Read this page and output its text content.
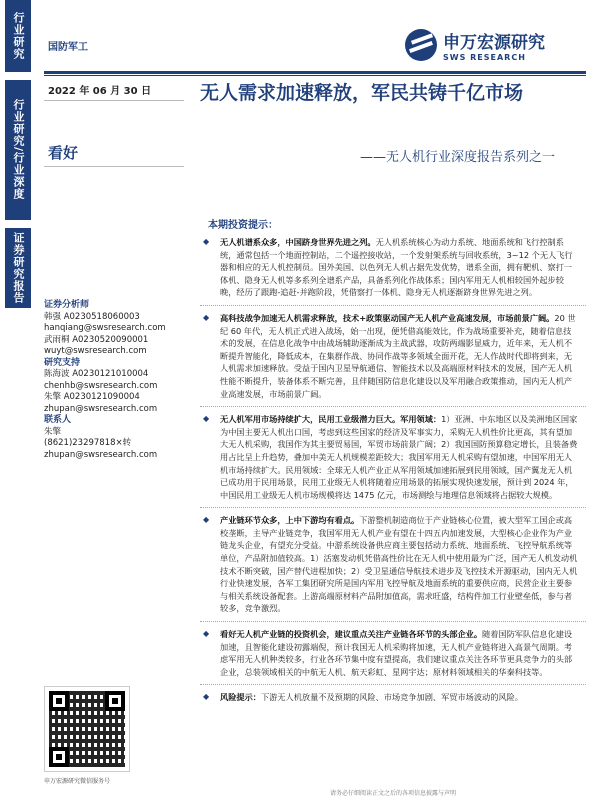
行业研究
行业研究/行业深度
证券研究报告
国防军工	申万宏源研究
SWS RESEARCH
2022 年 06 月 30 日
看好
无人需求加速释放，军民共铸千亿市场
——无人机行业深度报告系列之一
证券分析师
韩强 A0230518060003
hanqiang@swsresearch.com
武雨桐 A0230520090001
wuyt@swsresearch.com
研究支持
陈海波 A0230121010004
chenhb@swsresearch.com
朱擎 A0230121090004
zhupan@swsresearch.com
联系人
朱擎
(8621)23297818×转
zhupan@swsresearch.com
申万宏源研究微信服务号
本期投资提示：
◆ 无人机谱系众多，中国跻身世界先进之列。无人机系统核心为动力系统、地面系统和飞行控制系统，通常包括一个地面控制站，二个遥控接收站，一个发射架系统与回收系统，3~12 个无人飞行器和相应的无人机控制员。国外美国、以色列无人机占据先发优势，谱系全面，拥有靶机、察打一体机、隐身无人机等多系列全谱系产品，具备系列化作战体系；国内军用无人机相较国外起步较晚，经历了跟跑-追赶-并跑阶段，凭借察打一体机、隐身无人机逐渐跻身世界先进之列。
◆ 高科技战争加速无人机需求释放，技术+政策驱动国产无人机产业高速发展，市场前景广阔。20 世纪 60 年代，无人机正式进入战场，始一出现，便凭借高能效比，作为战场重要补充，随着信息技术的发展，在信息化战争中由战场辅助逐渐成为主战武器，攻防两端影显威力，近年来，无人机不断提升智能化，降低成本，在集群作战、协同作战等多领域全面开花，无人作战时代即将到来，无人机需求加速释放。受益于国内卫星导航通信、智能技术以及高端原材料技术的发展，国产无人机性能不断提升，装备体系不断完善，且伴随国防信息化建设以及军用融合政策推动，国内无人机产业高速发展，市场前景广阔。
◆ 无人机军用市场持续扩大，民用工业级潜力巨大。军用领域：1）亚洲、中东地区以及美洲地区国家为中国主要无人机出口国，考虑到这些国家的经济及军事实力，采购无人机性价比更高，其有望加大无人机采购，我国作为其主要贸易国，军贸市场前景广阔；2）我国国防预算稳定增长，且装备费用占比呈上升趋势，叠加中美无人机规模差距较大；我国军用无人机采购有望加速，中国军用无人机市场持续扩大。民用领域：全球无人机产业正从军用领域加速拓展到民用领域，国产翼龙无人机已成功用于民用场景，民用工业级无人机将随着应用场景的拓展实现快速发展，预计到 2024 年，中国民用工业级无人机市场规模将达 1475 亿元，市场测绘与地理信息领域将占据较大规模。
◆ 产业链环节众多，上中下游均有看点。下游整机制造商位于产业链核心位置，被大型军工国企或高校垄断，主导产业链竞争，我国军用无人机产业有望在十四五内加速发展，大型核心企业作为产业链龙头企业，有望充分受益。中游系统设备供应商主要包括动力系统、地面系统、飞控导航系统等单位，产品附加值较高。1）活塞发动机凭借高性价比在无人机中使用最为广泛，国产无人机发动机技术不断突破，国产替代进程加快；2）受卫星通信导航技术进步及飞控技术开源驱动，国内无人机行业快速发展，各军工集团研究所是国内军用飞控导航及地面系统的重要供应商，民营企业主要参与相关系统设备配套。上游高端原材料产品附加值高，需求旺盛，结构件加工行业壁垒低，参与者较多，竞争激烈。
◆ 看好无人机产业链的投资机会，建议重点关注产业链各环节的头部企业。随着国防军队信息化建设加速，且智能化建设初露端倪，预计我国无人机采购将加速，无人机产业链将进入高景气周期。考虑军用无人机种类较多，行业各环节集中度有望提高，我们建议重点关注各环节更具竞争力的头部企业，总装领域相关的中航无人机、航天彩虹、星网宇达；原材料领域相关的华秦科技等。
◆ 风险提示：下游无人机放量不及预期的风险、市场竞争加剧、军贸市场波动的风险。
请务必仔细阅读正文之后的各项信息披露与声明
